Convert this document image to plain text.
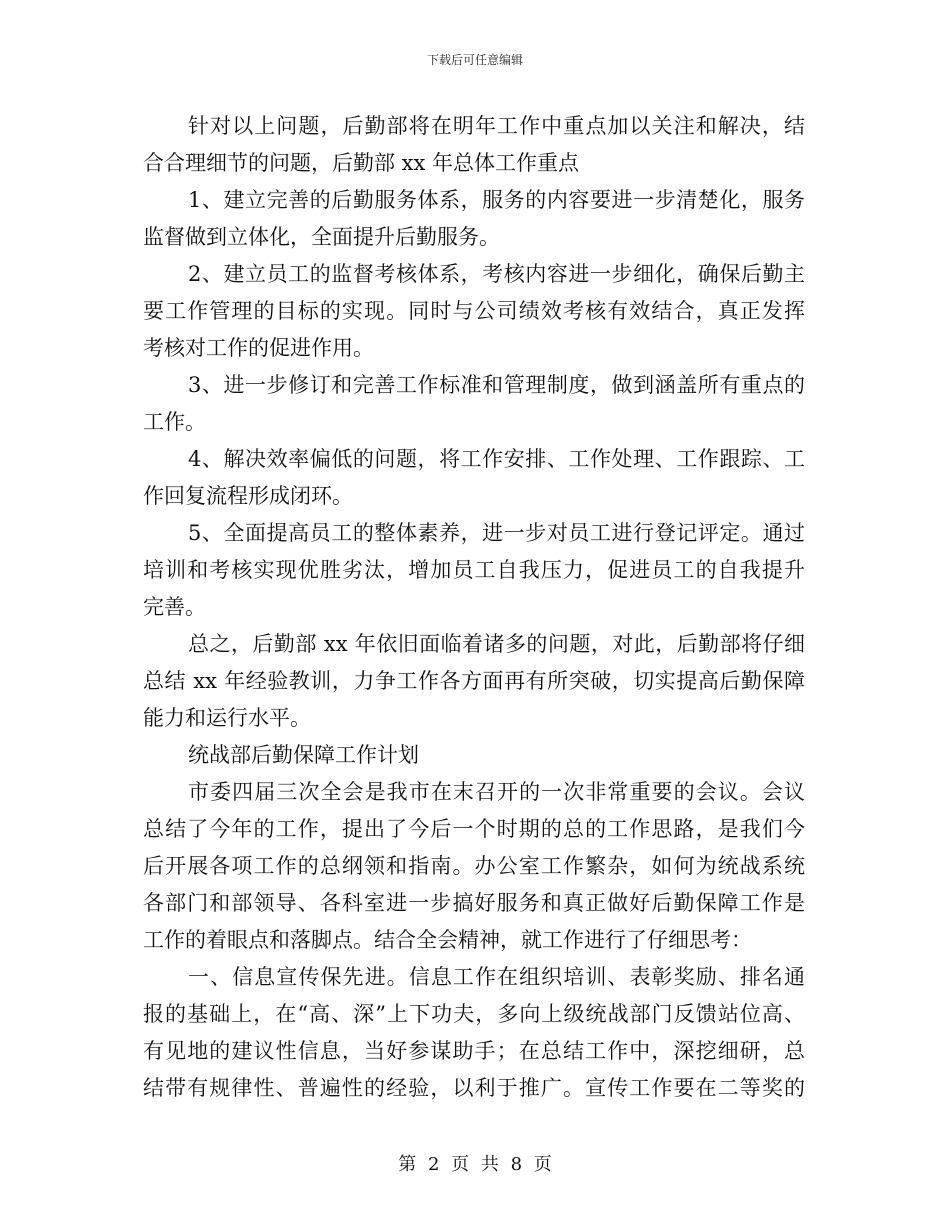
下载后可任意编辑
针对以上问题，后勤部将在明年工作中重点加以关注和解决，结
合合理细节的问题，后勤部 xx 年总体工作重点
1、建立完善的后勤服务体系，服务的内容要进一步清楚化，服务
监督做到立体化，全面提升后勤服务。
2、建立员工的监督考核体系，考核内容进一步细化，确保后勤主
要工作管理的目标的实现。同时与公司绩效考核有效结合，真正发挥
考核对工作的促进作用。
3、进一步修订和完善工作标准和管理制度，做到涵盖所有重点的
工作。
4、解决效率偏低的问题，将工作安排、工作处理、工作跟踪、工
作回复流程形成闭环。
5、全面提高员工的整体素养，进一步对员工进行登记评定。通过
培训和考核实现优胜劣汰，增加员工自我压力，促进员工的自我提升
完善。
总之，后勤部 xx 年依旧面临着诸多的问题，对此，后勤部将仔细
总结 xx 年经验教训，力争工作各方面再有所突破，切实提高后勤保障
能力和运行水平。
统战部后勤保障工作计划
市委四届三次全会是我市在末召开的一次非常重要的会议。会议
总结了今年的工作，提出了今后一个时期的总的工作思路，是我们今
后开展各项工作的总纲领和指南。办公室工作繁杂，如何为统战系统
各部门和部领导、各科室进一步搞好服务和真正做好后勤保障工作是
工作的着眼点和落脚点。结合全会精神，就工作进行了仔细思考：
一、信息宣传保先进。信息工作在组织培训、表彰奖励、排名通
报的基础上，在“高、深”上下功夫，多向上级统战部门反馈站位高、
有见地的建议性信息，当好参谋助手；在总结工作中，深挖细研，总
结带有规律性、普遍性的经验，以利于推广。宣传工作要在二等奖的
第 2 页 共 8 页
